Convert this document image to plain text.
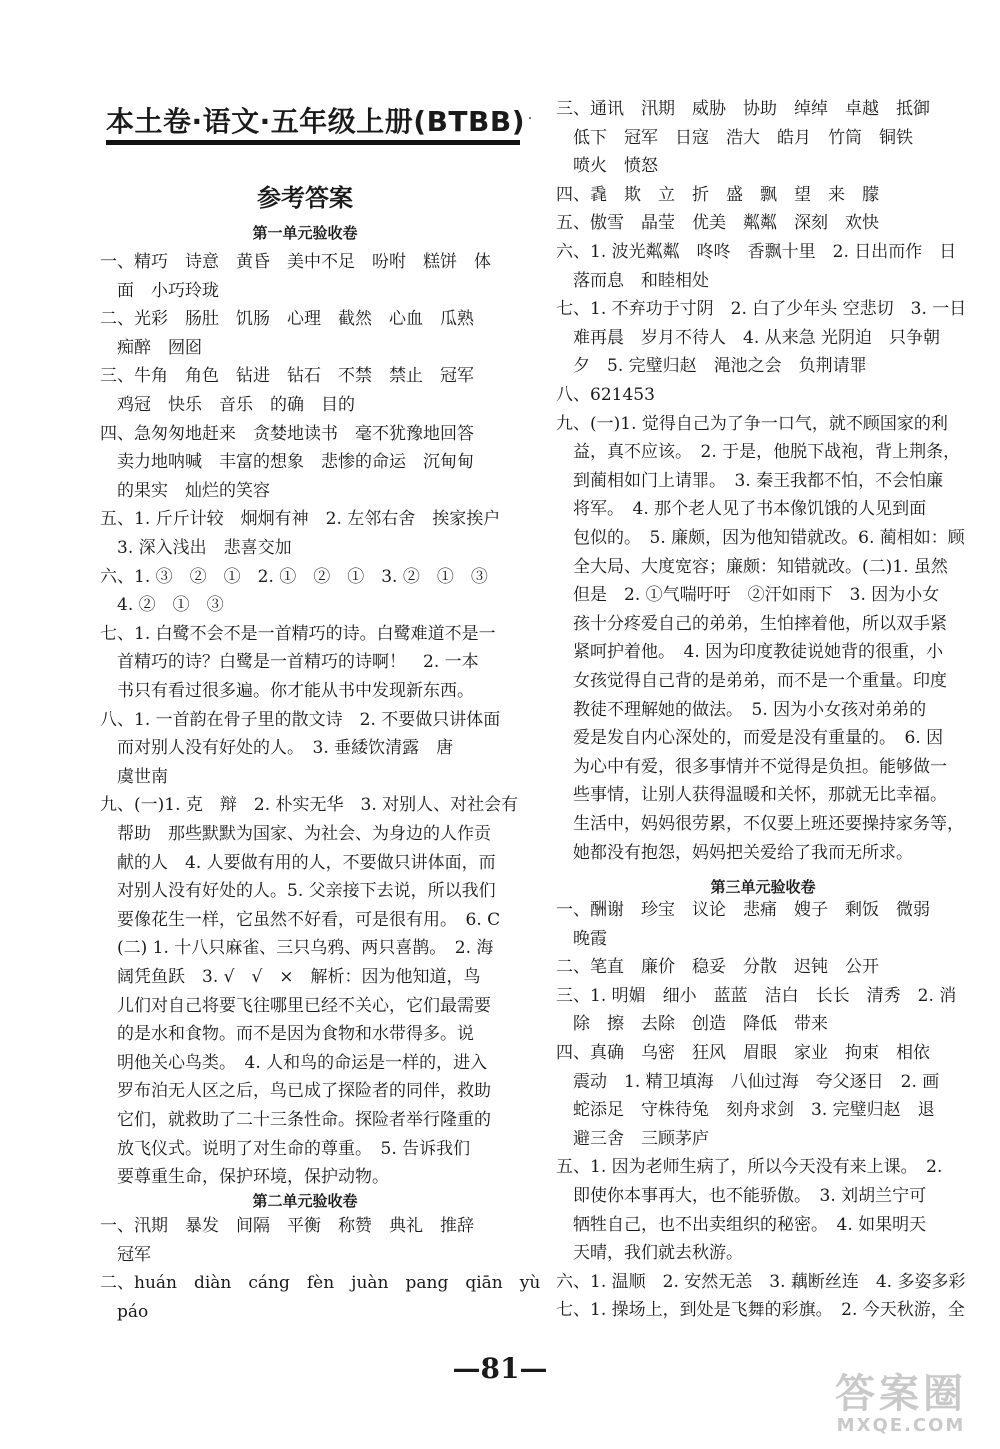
本土卷·语文·五年级上册(BTBB)
参考答案
第一单元验收卷
一、精巧　诗意　黄昏　美中不足　吩咐　糕饼　体
　面　小巧玲珑
二、光彩　肠肚　饥肠　心理　截然　心血　瓜熟
　痴醉　囫囵
三、牛角　角色　钻进　钻石　不禁　禁止　冠军
　鸡冠　快乐　音乐　的确　目的
四、急匆匆地赶来　贪婪地读书　毫不犹豫地回答
　卖力地呐喊　丰富的想象　悲惨的命运　沉甸甸
　的果实　灿烂的笑容
五、1. 斤斤计较　炯炯有神　2. 左邻右舍　挨家挨户
　3. 深入浅出　悲喜交加
六、1. ③　②　①　2. ①　②　①　3. ②　①　③
　4. ②　①　③
七、1. 白鹭不会不是一首精巧的诗。白鹭难道不是一
　首精巧的诗？白鹭是一首精巧的诗啊！　2. 一本
　书只有看过很多遍。你才能从书中发现新东西。
八、1. 一首韵在骨子里的散文诗　2. 不要做只讲体面
　而对别人没有好处的人。　3. 垂緌饮清露　唐
　虞世南
九、(一)1. 克　辩　2. 朴实无华　3. 对别人、对社会有
　帮助　那些默默为国家、为社会、为身边的人作贡
　献的人　4. 人要做有用的人，不要做只讲体面，而
　对别人没有好处的人。5. 父亲接下去说，所以我们
　要像花生一样，它虽然不好看，可是很有用。　6. C
　(二) 1. 十八只麻雀、三只乌鸦、两只喜鹊。　2. 海
　阔凭鱼跃　3. √　√　×　解析：因为他知道，鸟
　儿们对自己将要飞往哪里已经不关心，它们最需要
　的是水和食物。而不是因为食物和水带得多。说
　明他关心鸟类。　4. 人和鸟的命运是一样的，进入
　罗布泊无人区之后，鸟已成了探险者的同伴，救助
　它们，就救助了二十三条性命。探险者举行隆重的
　放飞仪式。说明了对生命的尊重。　5. 告诉我们
　要尊重生命，保护环境，保护动物。
第二单元验收卷
一、汛期　暴发　间隔　平衡　称赞　典礼　推辞
　冠军
二、huán　diàn　cáng　fèn　juàn　pang　qiān　yù
　páo
三、通讯　汛期　威胁　协助　绰绰　卓越　抵御
　低下　冠军　日寇　浩大　皓月　竹筒　铜铁
　喷火　愤怒
四、毳　欺　立　折　盛　飘　望　来　朦
五、傲雪　晶莹　优美　粼粼　深刻　欢快
六、1. 波光粼粼　咚咚　香飘十里　2. 日出而作　日
　落而息　和睦相处
七、1. 不弃功于寸阴　2. 白了少年头 空悲切　3. 一日
　难再晨　岁月不待人　4. 从来急 光阴迫　只争朝
　夕　5. 完璧归赵　渑池之会　负荆请罪
八、621453
九、(一)1. 觉得自己为了争一口气，就不顾国家的利
　益，真不应该。　2. 于是，他脱下战袍，背上荆条，
　到蔺相如门上请罪。　3. 秦王我都不怕，不会怕廉
　将军。　4. 那个老人见了书本像饥饿的人见到面
　包似的。　5. 廉颇，因为他知错就改。6. 蔺相如：顾
　全大局、大度宽容；廉颇：知错就改。(二)1. 虽然
　但是　2. ①气喘吁吁　②汗如雨下　3. 因为小女
　孩十分疼爱自己的弟弟，生怕摔着他，所以双手紧
　紧呵护着他。　4. 因为印度教徒说她背的很重，小
　女孩觉得自己背的是弟弟，而不是一个重量。印度
　教徒不理解她的做法。　5. 因为小女孩对弟弟的
　爱是发自内心深处的，而爱是没有重量的。　6. 因
　为心中有爱，很多事情并不觉得是负担。能够做一
　些事情，让别人获得温暖和关怀，那就无比幸福。
　生活中，妈妈很劳累，不仅要上班还要操持家务等，
　她都没有抱怨，妈妈把关爱给了我而无所求。
第三单元验收卷
一、酬谢　珍宝　议论　悲痛　嫂子　剩饭　微弱
　晚霞
二、笔直　廉价　稳妥　分散　迟钝　公开
三、1. 明媚　细小　蓝蓝　洁白　长长　清秀　2. 消
　除　擦　去除　创造　降低　带来
四、真确　乌密　狂风　眉眼　家业　拘束　相依
　震动　1. 精卫填海　八仙过海　夸父逐日　2. 画
　蛇添足　守株待兔　刻舟求剑　3. 完璧归赵　退
　避三舍　三顾茅庐
五、1. 因为老师生病了，所以今天没有来上课。　2.
　即使你本事再大，也不能骄傲。　3. 刘胡兰宁可
　牺牲自己，也不出卖组织的秘密。　4. 如果明天
　天晴，我们就去秋游。
六、1. 温顺　2. 安然无恙　3. 藕断丝连　4. 多姿多彩
七、1. 操场上，到处是飞舞的彩旗。　2. 今天秋游，全
—81—
答案圈
MXQE.COM
